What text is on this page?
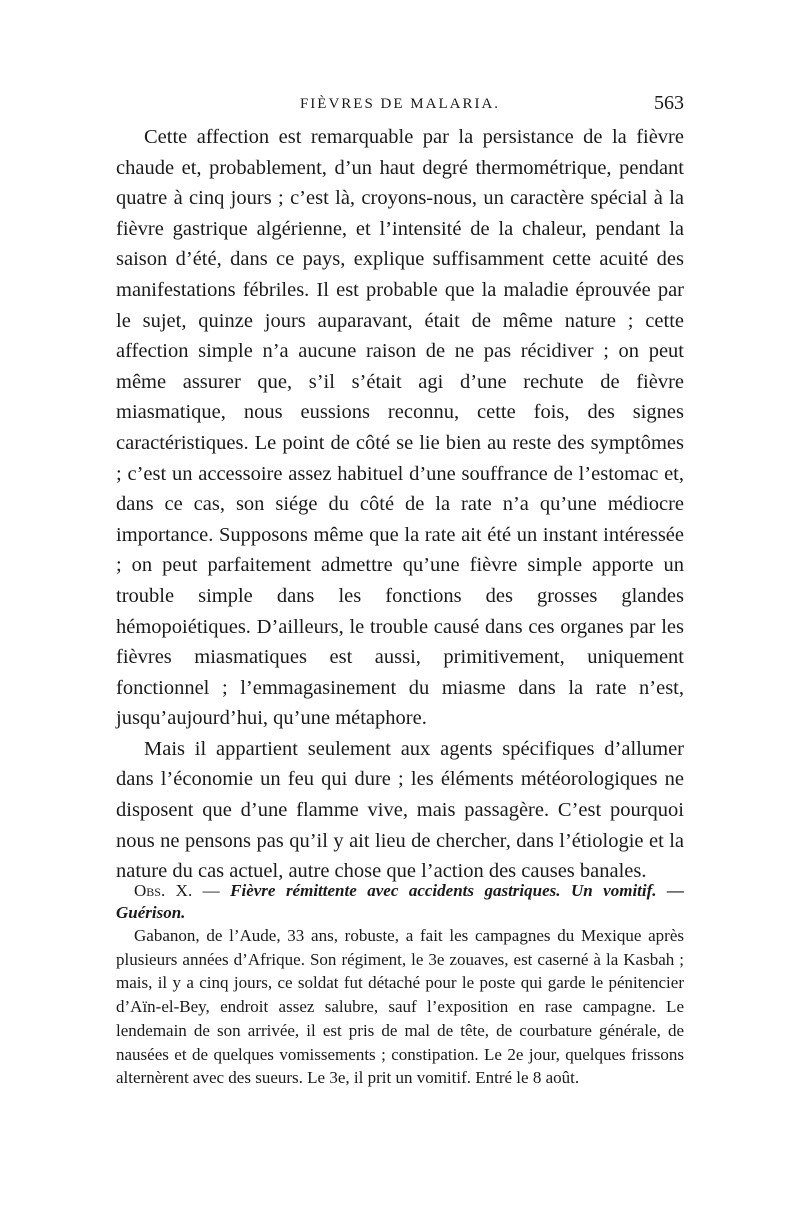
FIÈVRES DE MALARIA.	563

Cette affection est remarquable par la persistance de la fièvre chaude et, probablement, d’un haut degré thermométrique, pendant quatre à cinq jours ; c’est là, croyons-nous, un caractère spécial à la fièvre gastrique algérienne, et l’intensité de la chaleur, pendant la saison d’été, dans ce pays, explique suffisamment cette acuité des manifestations fébriles. Il est probable que la maladie éprouvée par le sujet, quinze jours auparavant, était de même nature ; cette affection simple n’a aucune raison de ne pas récidiver ; on peut même assurer que, s’il s’était agi d’une rechute de fièvre miasmatique, nous eussions reconnu, cette fois, des signes caractéristiques. Le point de côté se lie bien au reste des symptômes ; c’est un accessoire assez habituel d’une souffrance de l’estomac et, dans ce cas, son siége du côté de la rate n’a qu’une médiocre importance. Supposons même que la rate ait été un instant intéressée ; on peut parfaitement admettre qu’une fièvre simple apporte un trouble simple dans les fonctions des grosses glandes hémopoiétiques. D’ailleurs, le trouble causé dans ces organes par les fièvres miasmatiques est aussi, primitivement, uniquement fonctionnel ; l’emmagasinement du miasme dans la rate n’est, jusqu’aujourd’hui, qu’une métaphore.

Mais il appartient seulement aux agents spécifiques d’allumer dans l’économie un feu qui dure ; les éléments météorologiques ne disposent que d’une flamme vive, mais passagère. C’est pourquoi nous ne pensons pas qu’il y ait lieu de chercher, dans l’étiologie et la nature du cas actuel, autre chose que l’action des causes banales.

Obs. X. — Fièvre rémittente avec accidents gastriques. Un vomitif. — Guérison.

Gabanon, de l’Aude, 33 ans, robuste, a fait les campagnes du Mexique après plusieurs années d’Afrique. Son régiment, le 3e zouaves, est caserné à la Kasbah ; mais, il y a cinq jours, ce soldat fut détaché pour le poste qui garde le pénitencier d’Aïn-el-Bey, endroit assez salubre, sauf l’exposition en rase campagne. Le lendemain de son arrivée, il est pris de mal de tête, de courbature générale, de nausées et de quelques vomissements ; constipation. Le 2e jour, quelques frissons alternèrent avec des sueurs. Le 3e, il prit un vomitif. Entré le 8 août.
